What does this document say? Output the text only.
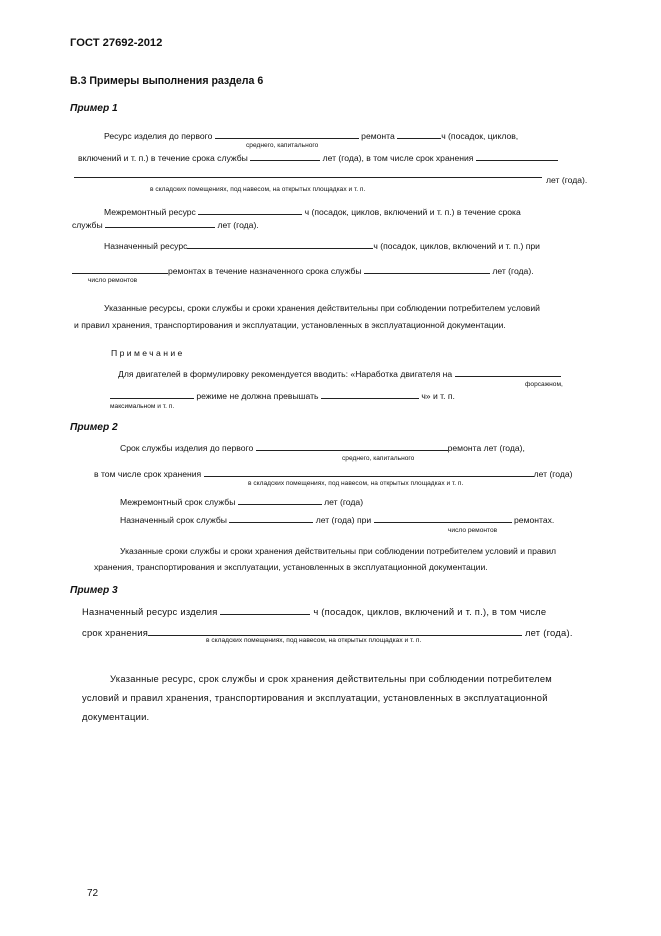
ГОСТ 27692-2012
В.3 Примеры выполнения раздела 6
Пример 1
Ресурс изделия до первого	ремонта	ч (посадок, циклов,
среднего, капитального
включений и т. п.) в течение срока службы	лет (года), в том числе срок хранения
лет (года).
в складских помещениях, под навесом, на открытых площадках и т. п.
Межремонтный ресурс	ч (посадок, циклов, включений и т. п.) в течение срока
службы	лет (года).
Назначенный ресурс	ч (посадок, циклов, включений и т. п.) при
ремонтах в течение назначенного срока службы	лет (года).
число ремонтов
Указанные ресурсы, сроки службы и сроки хранения действительны при соблюдении потребителем условий
и правил хранения, транспортирования и эксплуатации, установленных в эксплуатационной документации.
Примечание
Для двигателей в формулировку рекомендуется вводить: «Наработка двигателя на
форсажном,
режиме не должна превышать	ч» и т. п.
максимальном и т. п.
Пример 2
Срок службы изделия до первого	ремонта лет (года),
среднего, капитального
в том числе срок хранения	лет (года)
в складских помещениях, под навесом, на открытых площадках и т. п.
Межремонтный срок службы	лет (года)
Назначенный срок службы	лет (года) при	ремонтах.
число ремонтов
Указанные сроки службы и сроки хранения действительны при соблюдении потребителем условий и правил
хранения, транспортирования и эксплуатации, установленных в эксплуатационной документации.
Пример 3
Назначенный ресурс изделия	ч (посадок, циклов, включений и т. п.), в том числе
срок хранения	лет (года).
в складских помещениях, под навесом, на открытых площадках и т. п.
Указанные ресурс, срок службы и срок хранения действительны при соблюдении потребителем
условий и правил хранения, транспортирования и эксплуатации, установленных в эксплуатационной
документации.
72
